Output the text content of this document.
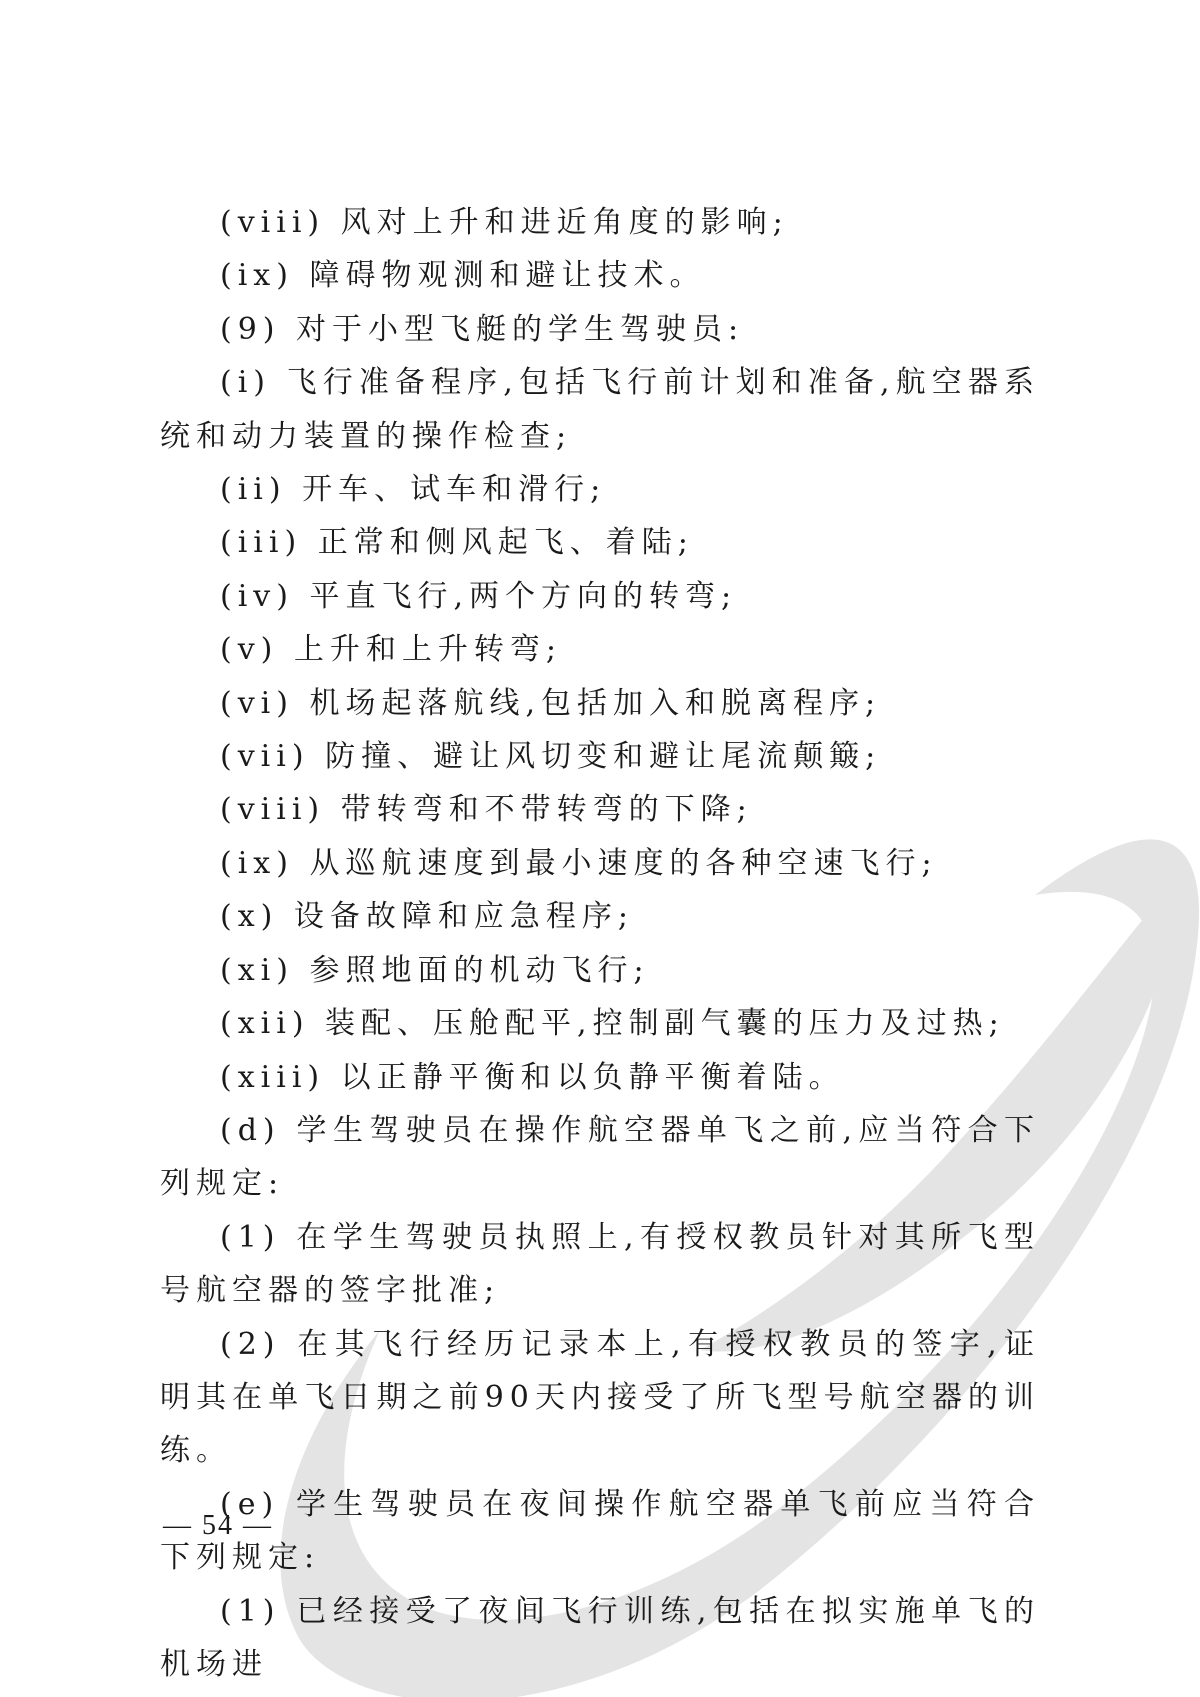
(viii) 风对上升和进近角度的影响;

(ix) 障碍物观测和避让技术。

(9) 对于小型飞艇的学生驾驶员:

(i) 飞行准备程序,包括飞行前计划和准备,航空器系统和动力装置的操作检查;

(ii) 开车、试车和滑行;

(iii) 正常和侧风起飞、着陆;

(iv) 平直飞行,两个方向的转弯;

(v) 上升和上升转弯;

(vi) 机场起落航线,包括加入和脱离程序;

(vii) 防撞、避让风切变和避让尾流颠簸;

(viii) 带转弯和不带转弯的下降;

(ix) 从巡航速度到最小速度的各种空速飞行;

(x) 设备故障和应急程序;

(xi) 参照地面的机动飞行;

(xii) 装配、压舱配平,控制副气囊的压力及过热;

(xiii) 以正静平衡和以负静平衡着陆。

(d) 学生驾驶员在操作航空器单飞之前,应当符合下列规定:

(1) 在学生驾驶员执照上,有授权教员针对其所飞型号航空器的签字批准;

(2) 在其飞行经历记录本上,有授权教员的签字,证明其在单飞日期之前90天内接受了所飞型号航空器的训练。

(e) 学生驾驶员在夜间操作航空器单飞前应当符合下列规定:

(1) 已经接受了夜间飞行训练,包括在拟实施单飞的机场进

— 54 —
